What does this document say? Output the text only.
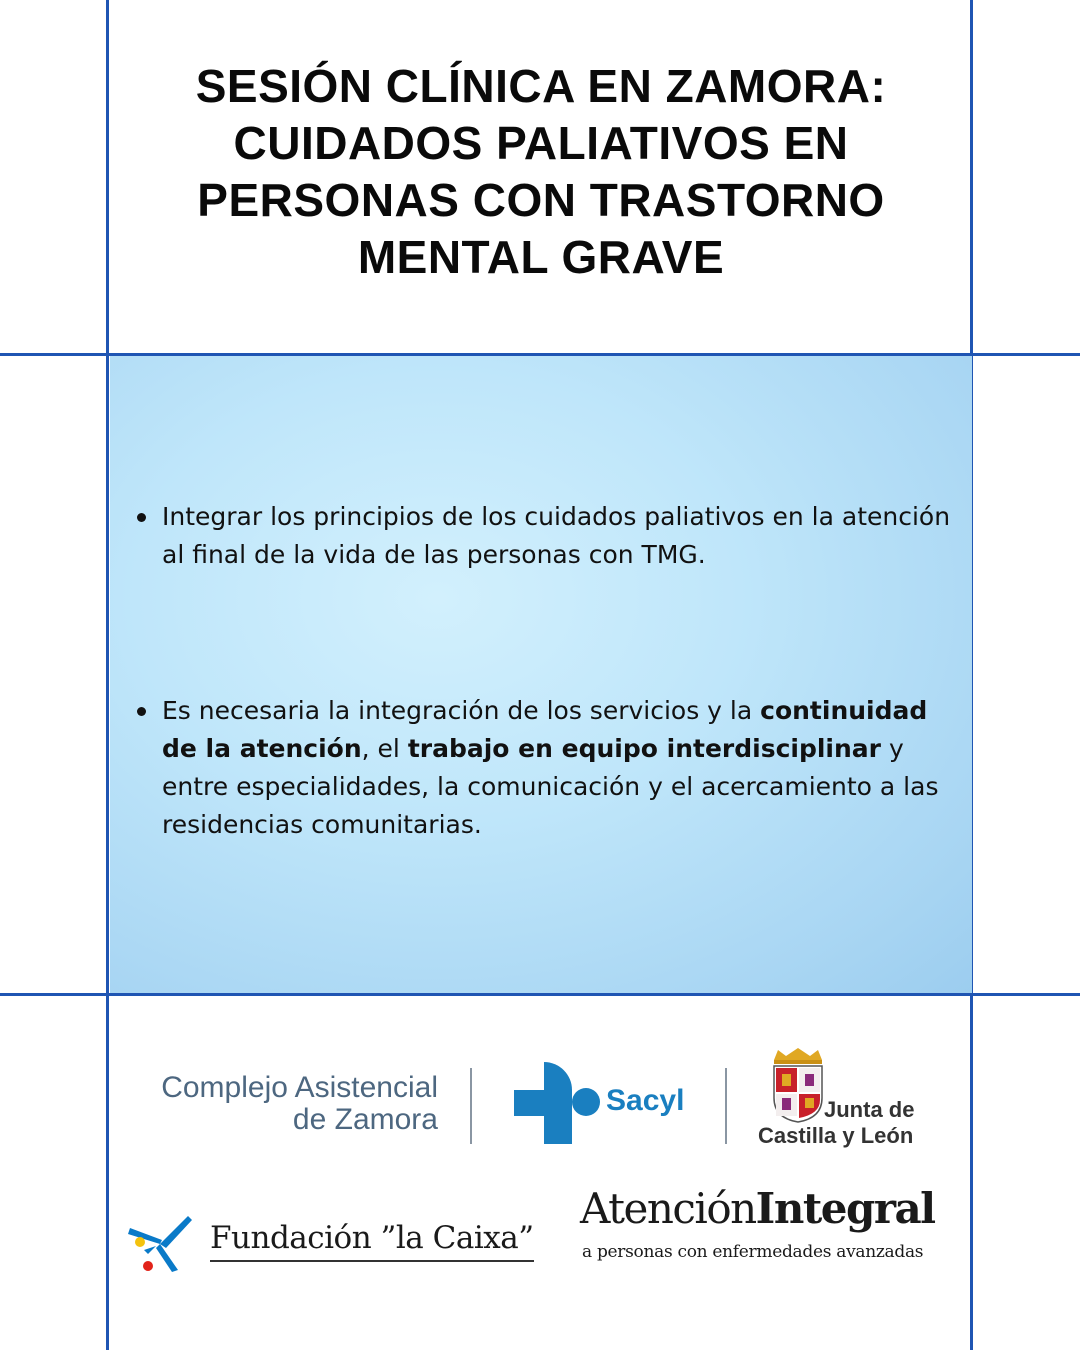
SESIÓN CLÍNICA EN ZAMORA:
CUIDADOS PALIATIVOS EN
PERSONAS CON TRASTORNO
MENTAL GRAVE
Integrar los principios de los cuidados paliativos en la atención al final de la vida de las personas con TMG.
Es necesaria la integración de los servicios y la continuidad de la atención, el trabajo en equipo interdisciplinar y entre especialidades, la comunicación y el acercamiento a las residencias comunitarias.
Complejo Asistencial
de Zamora
Sacyl	Junta de
Castilla y León
Fundación ”la Caixa”
AtenciónIntegral
a personas con enfermedades avanzadas
